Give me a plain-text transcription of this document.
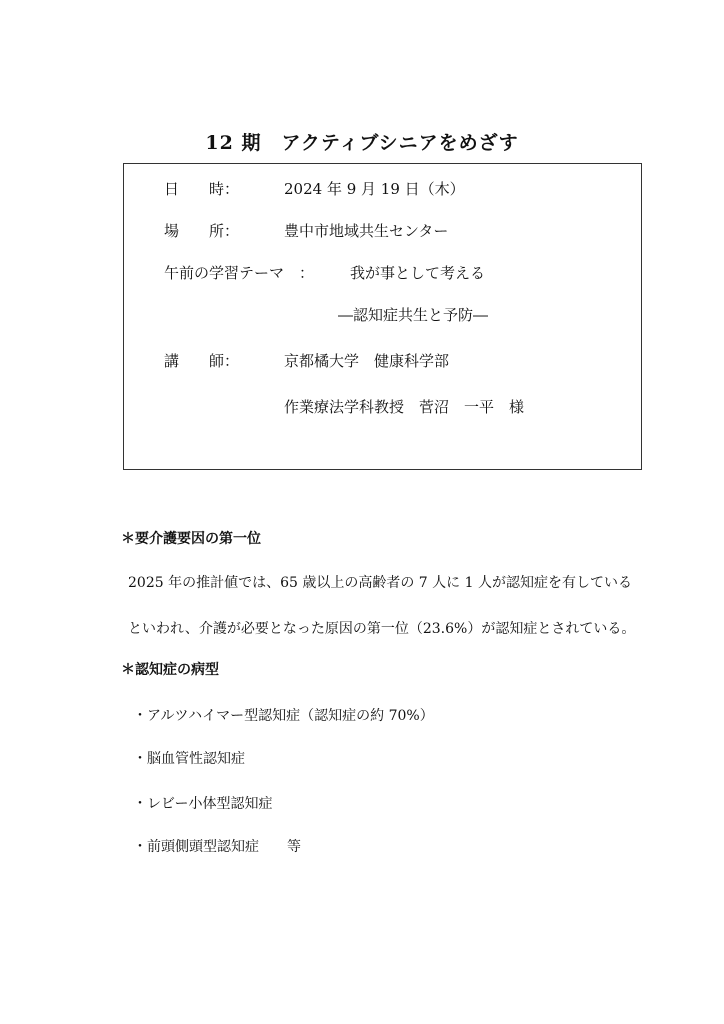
12 期　アクティブシニアをめざす
日　　時：	2024 年 9 月 19 日（木）
場　　所：	豊中市地域共生センター
午前の学習テーマ　： 我が事として考える
―認知症共生と予防―
講　　師：	京都橘大学　健康科学部
作業療法学科教授　菅沼　一平　様
＊要介護要因の第一位
2025 年の推計値では、65 歳以上の高齢者の 7 人に 1 人が認知症を有している
といわれ、介護が必要となった原因の第一位（23.6%）が認知症とされている。
＊認知症の病型
・アルツハイマー型認知症（認知症の約 70%）
・脳血管性認知症
・レビー小体型認知症
・前頭側頭型認知症　　等
